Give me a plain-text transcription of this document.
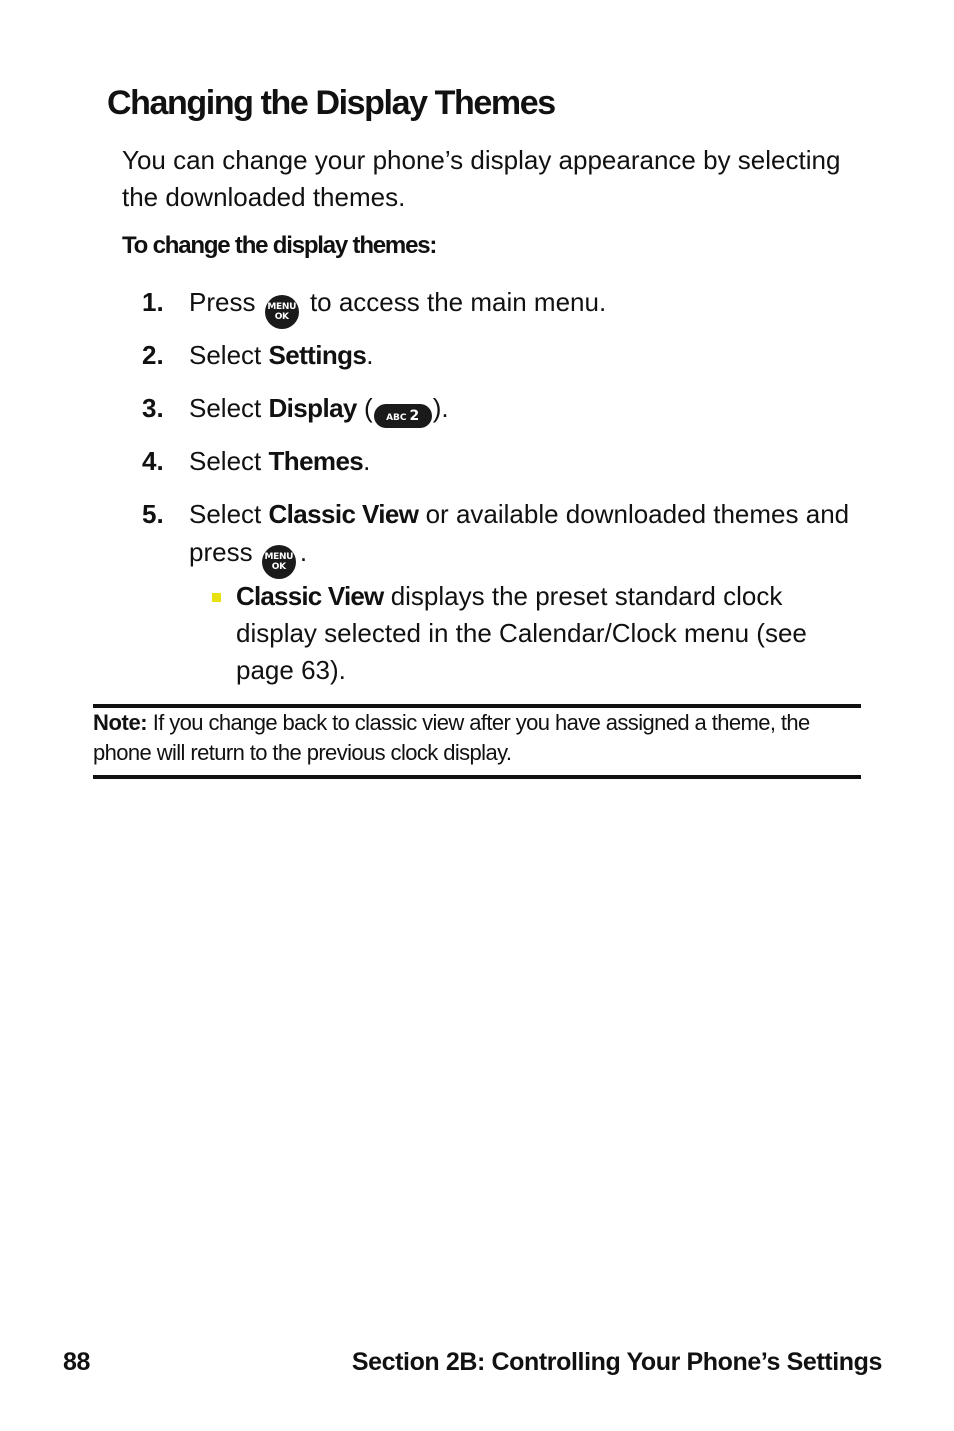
Changing the Display Themes

You can change your phone’s display appearance by selecting the downloaded themes.

To change the display themes:

1. Press MENU
OK to access the main menu.
2. Select Settings.
3. Select Display ( ABC 2 ).
4. Select Themes.
5. Select Classic View or available downloaded themes and press MENU
OK .

Classic View displays the preset standard clock display selected in the Calendar/Clock menu (see page 63).

Note: If you change back to classic view after you have assigned a theme, the phone will return to the previous clock display.

88	Section 2B: Controlling Your Phone’s Settings
